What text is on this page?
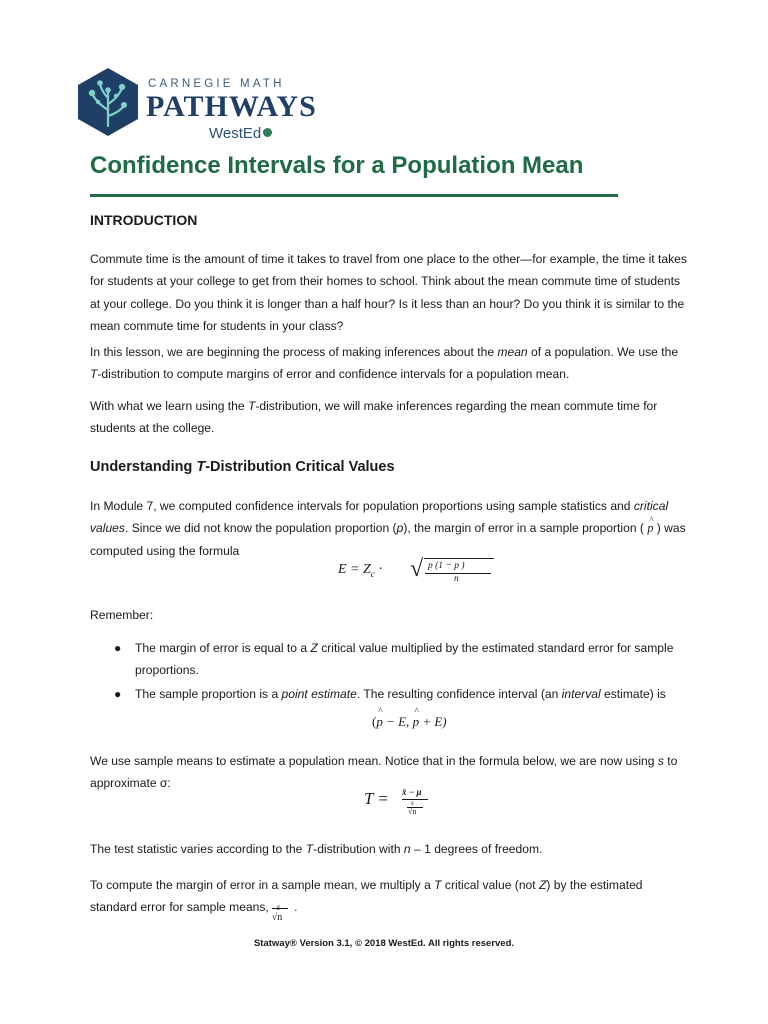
CARNEGIE MATH
PATHWAYS
WestEd
Confidence Intervals for a Population Mean
INTRODUCTION
Commute time is the amount of time it takes to travel from one place to the other—for example, the time it takes for students at your college to get from their homes to school. Think about the mean commute time of students at your college. Do you think it is longer than a half hour? Is it less than an hour? Do you think it is similar to the mean commute time for students in your class?
In this lesson, we are beginning the process of making inferences about the mean of a population. We use the T-distribution to compute margins of error and confidence intervals for a population mean.
With what we learn using the T-distribution, we will make inferences regarding the mean commute time for students at the college.
Understanding T-Distribution Critical Values
In Module 7, we computed confidence intervals for population proportions using sample statistics and critical values. Since we did not know the population proportion (p), the margin of error in a sample proportion ( ^ p ) was computed using the formula
$E = Z_c$ · √ p (1 − p )
n
Remember:
● The margin of error is equal to a Z critical value multiplied by the estimated standard error for sample proportions.
● The sample proportion is a point estimate. The resulting confidence interval (an interval estimate) is
(^ p − E, ^ p + E)
We use sample means to estimate a population mean. Notice that in the formula below, we are now using s to approximate σ:
T = x̄ − μ
s
√n
The test statistic varies according to the T-distribution with n – 1 degrees of freedom.
To compute the margin of error in a sample mean, we multiply a T critical value (not Z) by the estimated standard error for sample means, s
√n
.
Statway® Version 3.1, © 2018 WestEd. All rights reserved.
